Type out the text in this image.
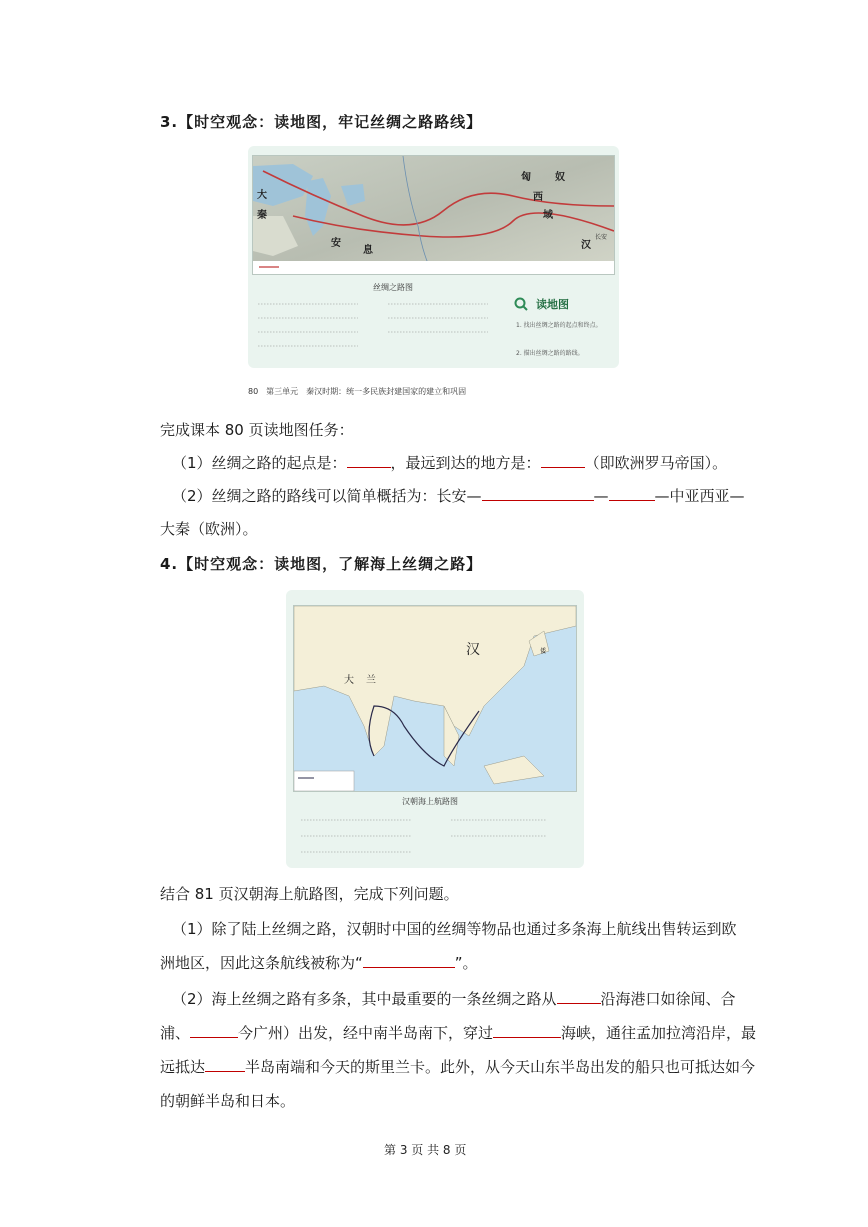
3.【时空观念：读地图，牢记丝绸之路路线】
大
秦
安
息
匈 奴
西
域
汉
长安
丝绸之路图
读地图
1. 找出丝绸之路的起点和终点。
2. 描出丝绸之路的路线。
80　第三单元　秦汉时期：统一多民族封建国家的建立和巩固
完成课本 80 页读地图任务：
（1）丝绸之路的起点是：	，最远到达的地方是：	（即欧洲罗马帝国）。
（2）丝绸之路的路线可以简单概括为：长安—	—	—中亚西亚—
大秦（欧洲）。
4.【时空观念：读地图，了解海上丝绸之路】
汉
大 兰
倭
汉朝海上航路图
结合 81 页汉朝海上航路图，完成下列问题。
（1）除了陆上丝绸之路，汉朝时中国的丝绸等物品也通过多条海上航线出售转运到欧
洲地区，因此这条航线被称为“	”。
（2）海上丝绸之路有多条，其中最重要的一条丝绸之路从	沿海港口如徐闻、合
浦、	今广州）出发，经中南半岛南下，穿过	海峡，通往孟加拉湾沿岸，最
远抵达	半岛南端和今天的斯里兰卡。此外，从今天山东半岛出发的船只也可抵达如今
的朝鲜半岛和日本。
第 3 页 共 8 页
